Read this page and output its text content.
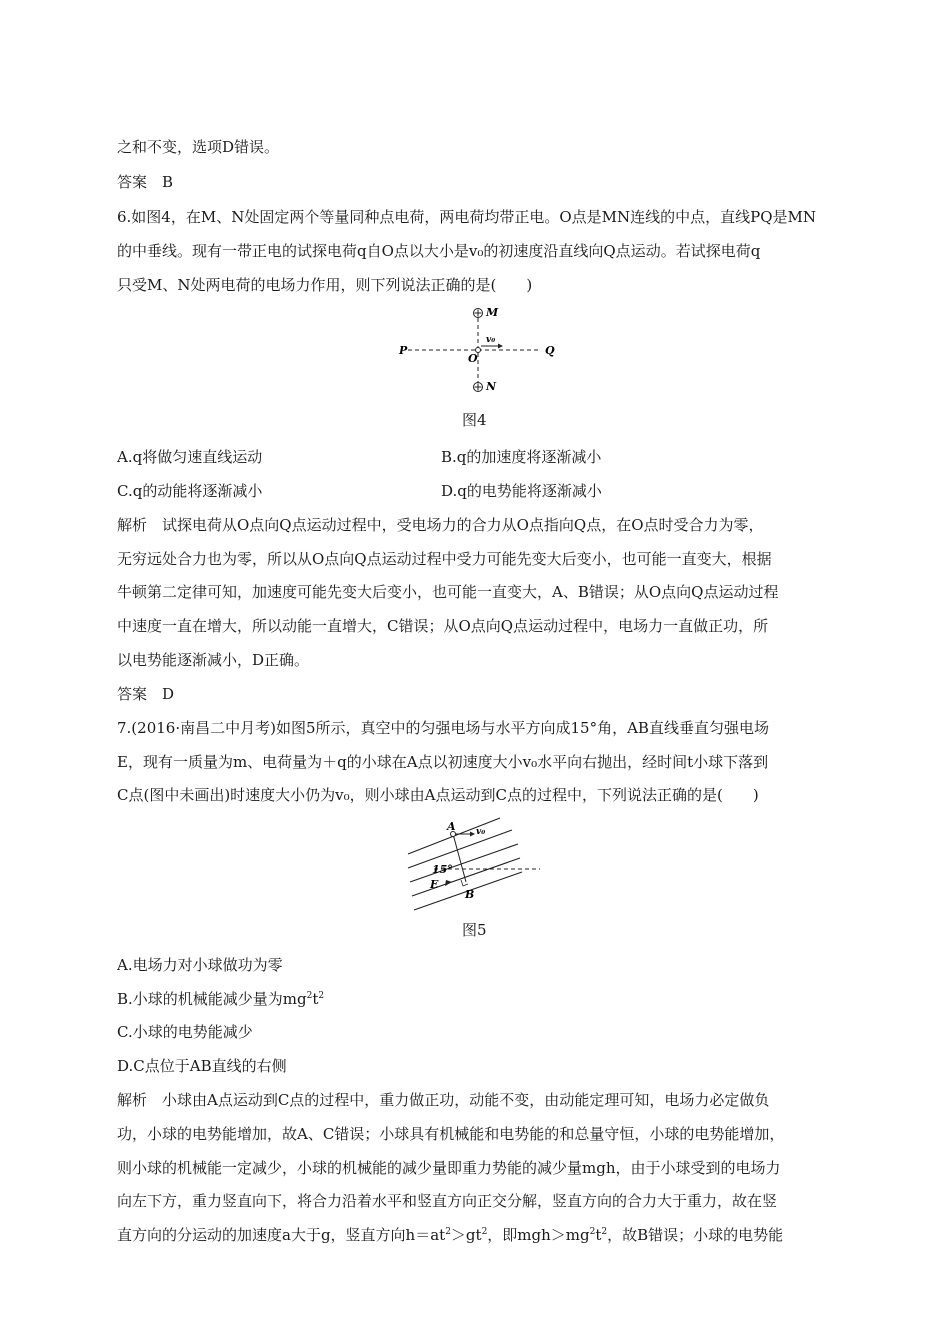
之和不变，选项D错误。
答案　B
6.如图4，在M、N处固定两个等量同种点电荷，两电荷均带正电。O点是MN连线的中点，直线PQ是MN
的中垂线。现有一带正电的试探电荷q自O点以大小是v₀的初速度沿直线向Q点运动。若试探电荷q
只受M、N处两电荷的电场力作用，则下列说法正确的是(　　)
M
N
O
P	Q
v₀
图4
A.q将做匀速直线运动	B.q的加速度将逐渐减小
C.q的动能将逐渐减小	D.q的电势能将逐渐减小
解析　试探电荷从O点向Q点运动过程中，受电场力的合力从O点指向Q点，在O点时受合力为零，
无穷远处合力也为零，所以从O点向Q点运动过程中受力可能先变大后变小，也可能一直变大，根据
牛顿第二定律可知，加速度可能先变大后变小，也可能一直变大，A、B错误；从O点向Q点运动过程
中速度一直在增大，所以动能一直增大，C错误；从O点向Q点运动过程中，电场力一直做正功，所
以电势能逐渐减小，D正确。
答案　D
7.(2016·南昌二中月考)如图5所示，真空中的匀强电场与水平方向成15°角，AB直线垂直匀强电场
E，现有一质量为m、电荷量为＋q的小球在A点以初速度大小v₀水平向右抛出，经时间t小球下落到
C点(图中未画出)时速度大小仍为v₀，则小球由A点运动到C点的过程中，下列说法正确的是(　　)
A v₀
15°
E
B
图5
A.电场力对小球做功为零
B.小球的机械能减少量为$mg^2t^2$
C.小球的电势能减少
D.C点位于AB直线的右侧
解析　小球由A点运动到C点的过程中，重力做正功，动能不变，由动能定理可知，电场力必定做负
功，小球的电势能增加，故A、C错误；小球具有机械能和电势能的和总量守恒，小球的电势能增加，
则小球的机械能一定减少，小球的机械能的减少量即重力势能的减少量mgh，由于小球受到的电场力
向左下方，重力竖直向下，将合力沿着水平和竖直方向正交分解，竖直方向的合力大于重力，故在竖
直方向的分运动的加速度a大于g，竖直方向$h=at^2>gt^2$，即$mgh>mg^2t^2$，故B错误；小球的电势能
